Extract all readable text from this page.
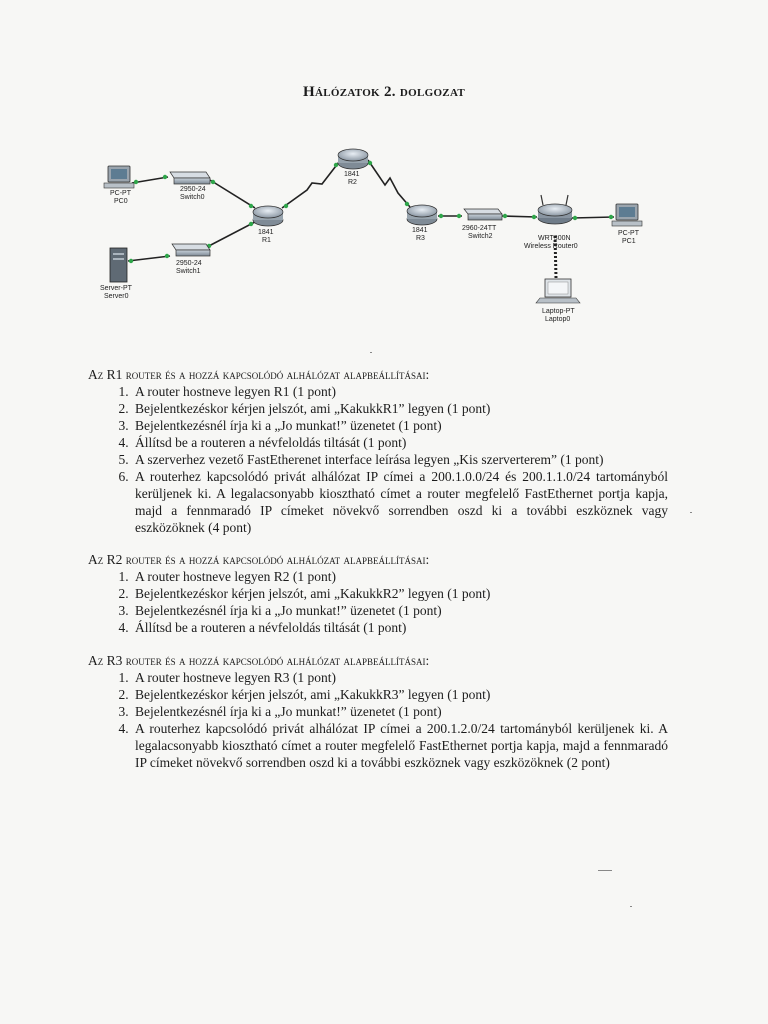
Hálózatok 2. dolgozat
PC-PT
PC0
2950-24
Switch0
1841
R1
1841
R2
1841
R3
2960-24TT
Switch2	WRT300N
Wireless Router0
PC-PT
PC1
2950-24
Switch1
Server-PT
Server0
Laptop-PT
Laptop0

Az R1 router és a hozzá kapcsolódó alhálózat alapbeállításai:

1. A router hostneve legyen R1 (1 pont)
2. Bejelentkezéskor kérjen jelszót, ami „KakukkR1” legyen (1 pont)
3. Bejelentkezésnél írja ki a „Jo munkat!” üzenetet (1 pont)
4. Állítsd be a routeren a névfeloldás tiltását (1 pont)
5. A szerverhez vezető FastEtherenet interface leírása legyen „Kis szerverterem” (1 pont)
6. A routerhez kapcsolódó privát alhálózat IP címei a 200.1.0.0/24 és 200.1.1.0/24 tartományból kerüljenek ki. A legalacsonyabb kiosztható címet a router megfelelő FastEthernet portja kapja, majd a fennmaradó IP címeket növekvő sorrendben oszd ki a további eszköznek vagy eszközöknek (4 pont)

Az R2 router és a hozzá kapcsolódó alhálózat alapbeállításai:

1. A router hostneve legyen R2 (1 pont)
2. Bejelentkezéskor kérjen jelszót, ami „KakukkR2” legyen (1 pont)
3. Bejelentkezésnél írja ki a „Jo munkat!” üzenetet (1 pont)
4. Állítsd be a routeren a névfeloldás tiltását (1 pont)

Az R3 router és a hozzá kapcsolódó alhálózat alapbeállításai:

1. A router hostneve legyen R3 (1 pont)
2. Bejelentkezéskor kérjen jelszót, ami „KakukkR3” legyen (1 pont)
3. Bejelentkezésnél írja ki a „Jo munkat!” üzenetet (1 pont)
4. A routerhez kapcsolódó privát alhálózat IP címei a 200.1.2.0/24 tartományból kerüljenek ki. A legalacsonyabb kiosztható címet a router megfelelő FastEthernet portja kapja, majd a fennmaradó IP címeket növekvő sorrendben oszd ki a további eszköznek vagy eszközöknek (2 pont)
